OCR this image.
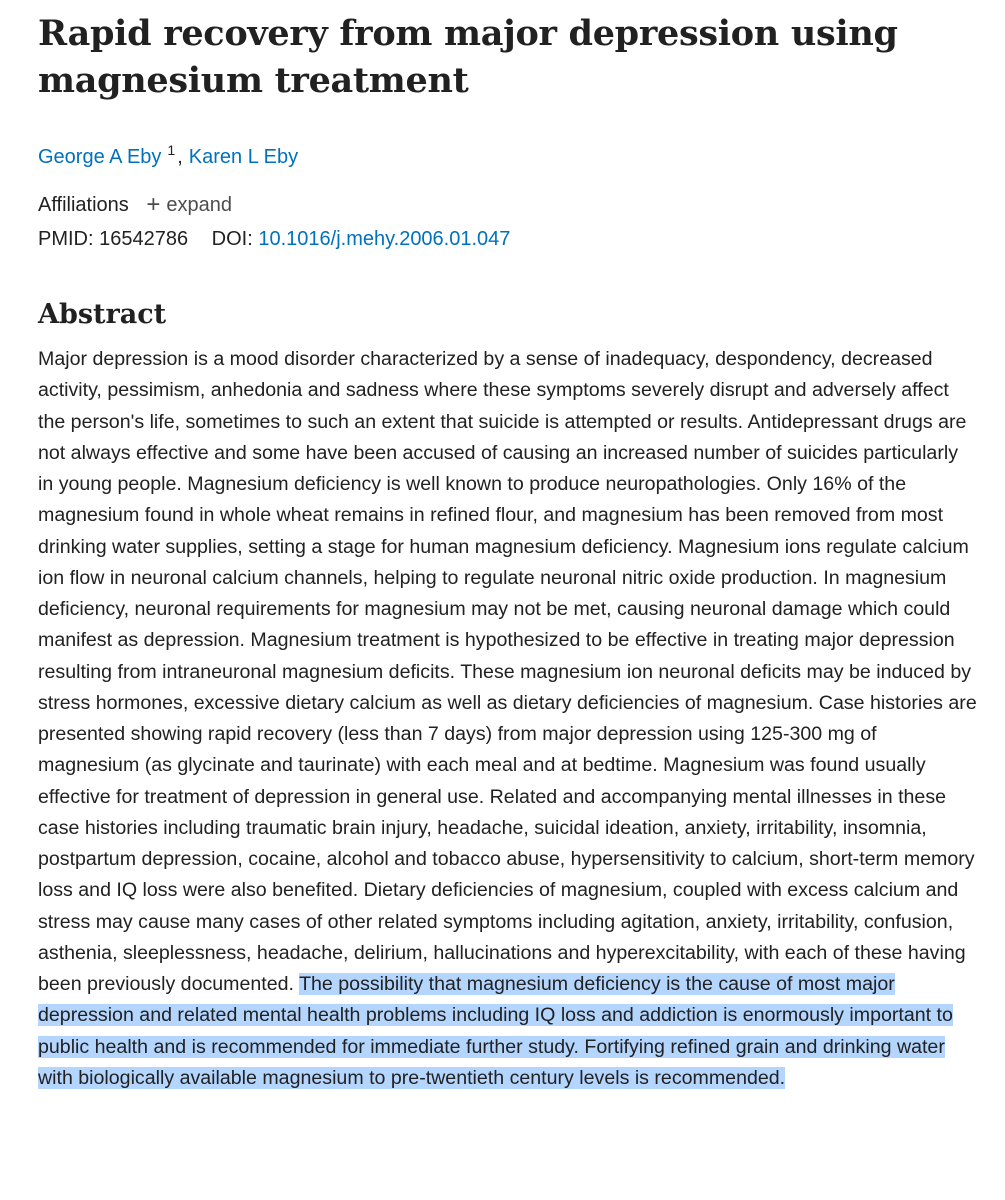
Rapid recovery from major depression using magnesium treatment
George A Eby $^1$ , Karen L Eby
Affiliations + expand
PMID: 16542786 DOI: 10.1016/j.mehy.2006.01.047
Abstract
Major depression is a mood disorder characterized by a sense of inadequacy, despondency, decreased activity, pessimism, anhedonia and sadness where these symptoms severely disrupt and adversely affect the person's life, sometimes to such an extent that suicide is attempted or results. Antidepressant drugs are not always effective and some have been accused of causing an increased number of suicides particularly in young people. Magnesium deficiency is well known to produce neuropathologies. Only 16% of the magnesium found in whole wheat remains in refined flour, and magnesium has been removed from most drinking water supplies, setting a stage for human magnesium deficiency. Magnesium ions regulate calcium ion flow in neuronal calcium channels, helping to regulate neuronal nitric oxide production. In magnesium deficiency, neuronal requirements for magnesium may not be met, causing neuronal damage which could manifest as depression. Magnesium treatment is hypothesized to be effective in treating major depression resulting from intraneuronal magnesium deficits. These magnesium ion neuronal deficits may be induced by stress hormones, excessive dietary calcium as well as dietary deficiencies of magnesium. Case histories are presented showing rapid recovery (less than 7 days) from major depression using 125-300 mg of magnesium (as glycinate and taurinate) with each meal and at bedtime. Magnesium was found usually effective for treatment of depression in general use. Related and accompanying mental illnesses in these case histories including traumatic brain injury, headache, suicidal ideation, anxiety, irritability, insomnia, postpartum depression, cocaine, alcohol and tobacco abuse, hypersensitivity to calcium, short-term memory loss and IQ loss were also benefited. Dietary deficiencies of magnesium, coupled with excess calcium and stress may cause many cases of other related symptoms including agitation, anxiety, irritability, confusion, asthenia, sleeplessness, headache, delirium, hallucinations and hyperexcitability, with each of these having been previously documented. The possibility that magnesium deficiency is the cause of most major depression and related mental health problems including IQ loss and addiction is enormously important to public health and is recommended for immediate further study. Fortifying refined grain and drinking water with biologically available magnesium to pre-twentieth century levels is recommended.
